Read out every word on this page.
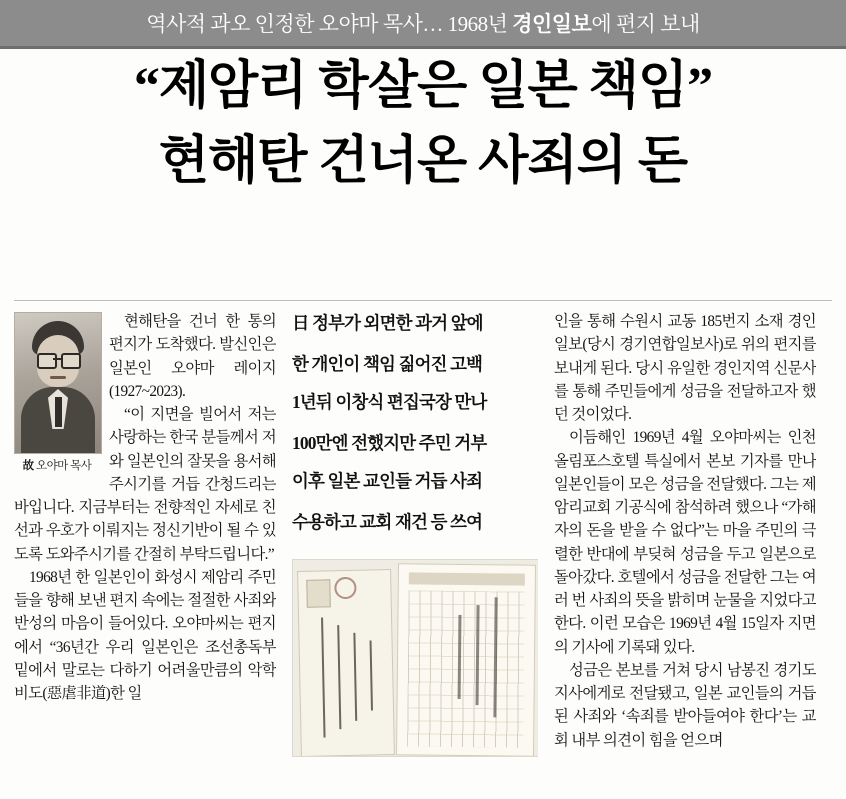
역사적 과오 인정한 오야마 목사… 1968년 경인일보에 편지 보내
“제암리 학살은 일본 책임”
현해탄 건너온 사죄의 돈
故 오야마 목사

현해탄을 건너 한 통의 편지가 도착했다. 발신인은 일본인 오야마 레이지(1927~2023).

“이 지면을 빌어서 저는 사랑하는 한국 분들께서 저와 일본인의 잘못을 용서해주시기를 거듭 간청드리는 바입니다. 지금부터는 전향적인 자세로 친선과 우호가 이뤄지는 정신기반이 될 수 있도록 도와주시기를 간절히 부탁드립니다.”

1968년 한 일본인이 화성시 제암리 주민들을 향해 보낸 편지 속에는 절절한 사죄와 반성의 마음이 들어있다. 오야마씨는 편지에서 “36년간 우리 일본인은 조선총독부 밑에서 말로는 다하기 어려울만큼의 악학비도(惡虐非道)한 일

日 정부가 외면한 과거 앞에

한 개인이 책임 짊어진 고백

1년뒤 이창식 편집국장 만나

100만엔 전했지만 주민 거부

이후 일본 교인들 거듭 사죄

수용하고 교회 재건 등 쓰여

인을 통해 수원시 교동 185번지 소재 경인일보(당시 경기연합일보사)로 위의 편지를 보내게 된다. 당시 유일한 경인지역 신문사를 통해 주민들에게 성금을 전달하고자 했던 것이었다.

이듬해인 1969년 4월 오야마씨는 인천 올림포스호텔 특실에서 본보 기자를 만나 일본인들이 모은 성금을 전달했다. 그는 제암리교회 기공식에 참석하려 했으나 “가해자의 돈을 받을 수 없다”는 마을 주민의 극렬한 반대에 부딪혀 성금을 두고 일본으로 돌아갔다. 호텔에서 성금을 전달한 그는 여러 번 사죄의 뜻을 밝히며 눈물을 지었다고 한다. 이런 모습은 1969년 4월 15일자 지면의 기사에 기록돼 있다.

성금은 본보를 거쳐 당시 남봉진 경기도지사에게로 전달됐고, 일본 교인들의 거듭된 사죄와 ‘속죄를 받아들여야 한다’는 교회 내부 의견이 힘을 얻으며
